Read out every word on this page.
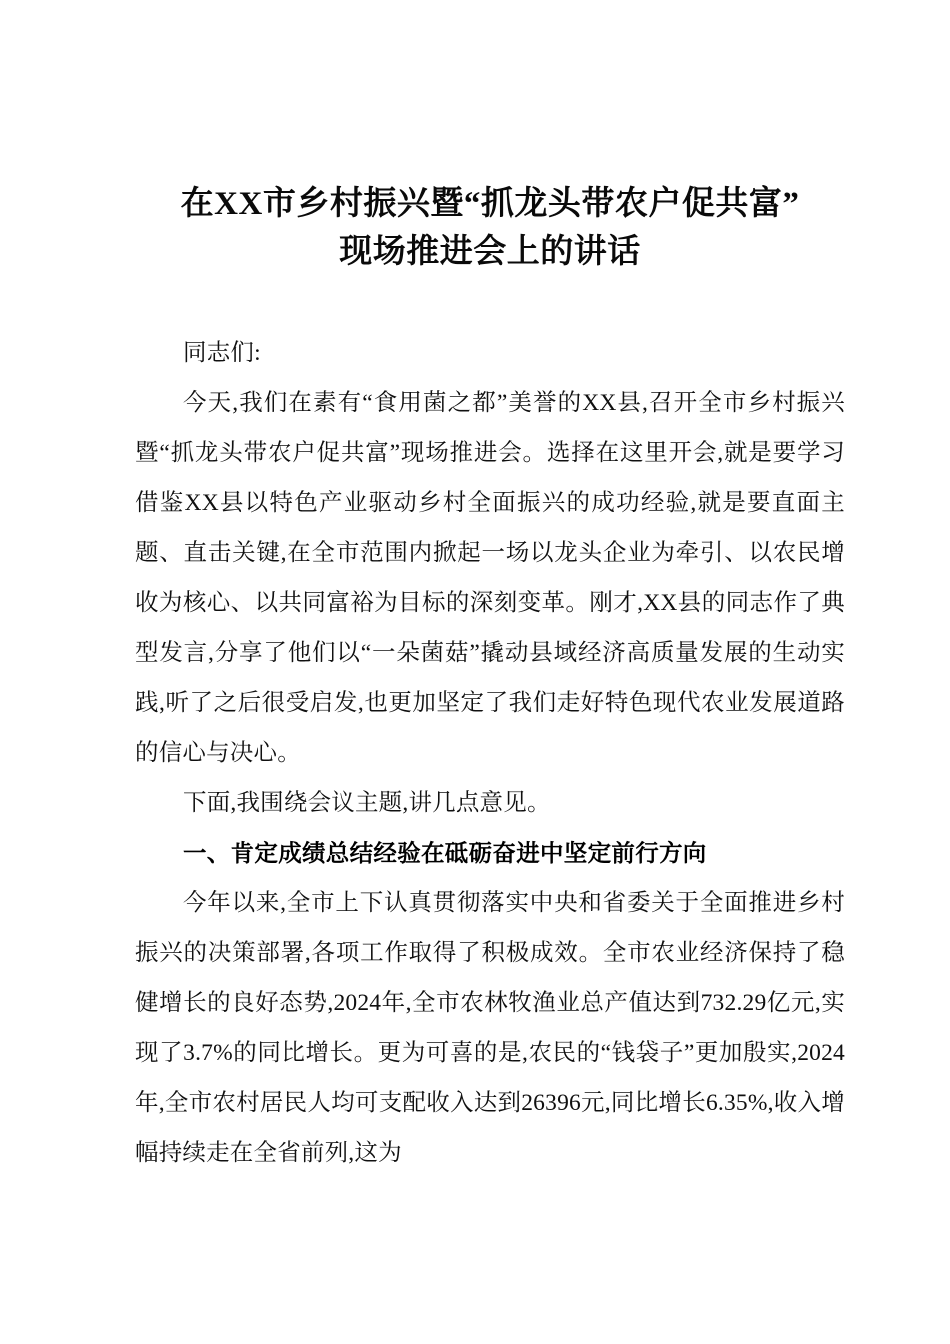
在XX市乡村振兴暨“抓龙头带农户促共富”
现场推进会上的讲话

同志们:

今天,我们在素有“食用菌之都”美誉的XX县,召开全市乡村振兴暨“抓龙头带农户促共富”现场推进会。选择在这里开会,就是要学习借鉴XX县以特色产业驱动乡村全面振兴的成功经验,就是要直面主题、直击关键,在全市范围内掀起一场以龙头企业为牵引、以农民增收为核心、以共同富裕为目标的深刻变革。刚才,XX县的同志作了典型发言,分享了他们以“一朵菌菇”撬动县域经济高质量发展的生动实践,听了之后很受启发,也更加坚定了我们走好特色现代农业发展道路的信心与决心。

下面,我围绕会议主题,讲几点意见。

一、肯定成绩总结经验在砥砺奋进中坚定前行方向

今年以来,全市上下认真贯彻落实中央和省委关于全面推进乡村振兴的决策部署,各项工作取得了积极成效。全市农业经济保持了稳健增长的良好态势,2024年,全市农林牧渔业总产值达到732.29亿元,实现了3.7%的同比增长。更为可喜的是,农民的“钱袋子”更加殷实,2024年,全市农村居民人均可支配收入达到26396元,同比增长6.35%,收入增幅持续走在全省前列,这为
